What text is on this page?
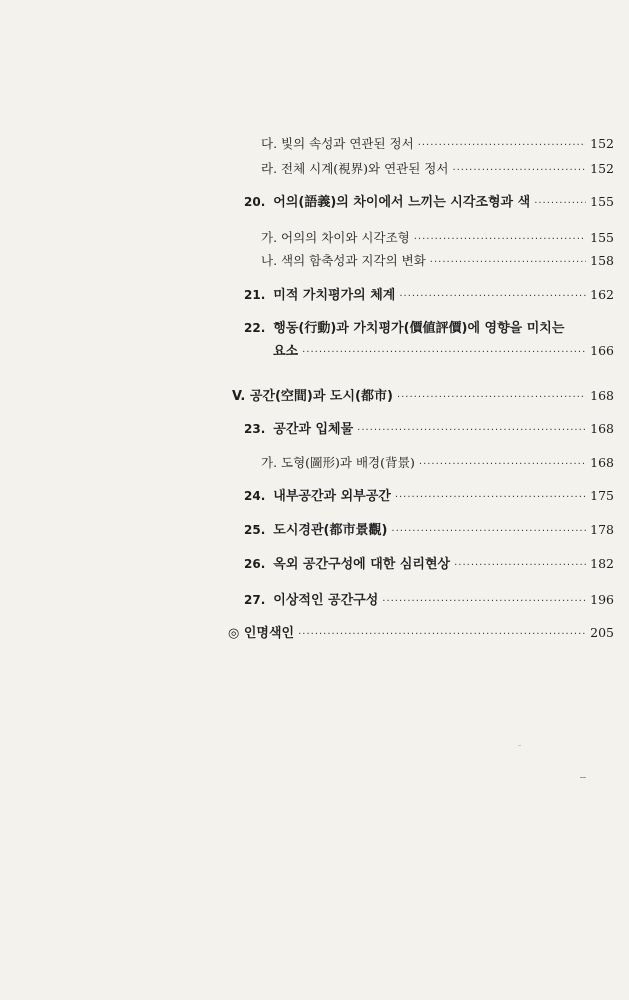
다. 빛의 속성과 연관된 정서 ·····	152
라. 전체 시계(視界)와 연관된 정서 ·····	152
20. 어의(語義)의 차이에서 느끼는 시각조형과 색 ·····	155
가. 어의의 차이와 시각조형 ·····	155
나. 색의 함축성과 지각의 변화 ·····	158
21. 미적 가치평가의 체계 ·····	162
22. 행동(行動)과 가치평가(價値評價)에 영향을 미치는
요소 ·····	166
V. 공간(空間)과 도시(都市) ·····	168
23. 공간과 입체물 ·····	168
가. 도형(圖形)과 배경(背景) ·····	168
24. 내부공간과 외부공간 ·····	175
25. 도시경관(都市景觀) ·····	178
26. 옥외 공간구성에 대한 심리현상 ·····	182
27. 이상적인 공간구성 ·····	196
◎ 인명색인 ·····	205
